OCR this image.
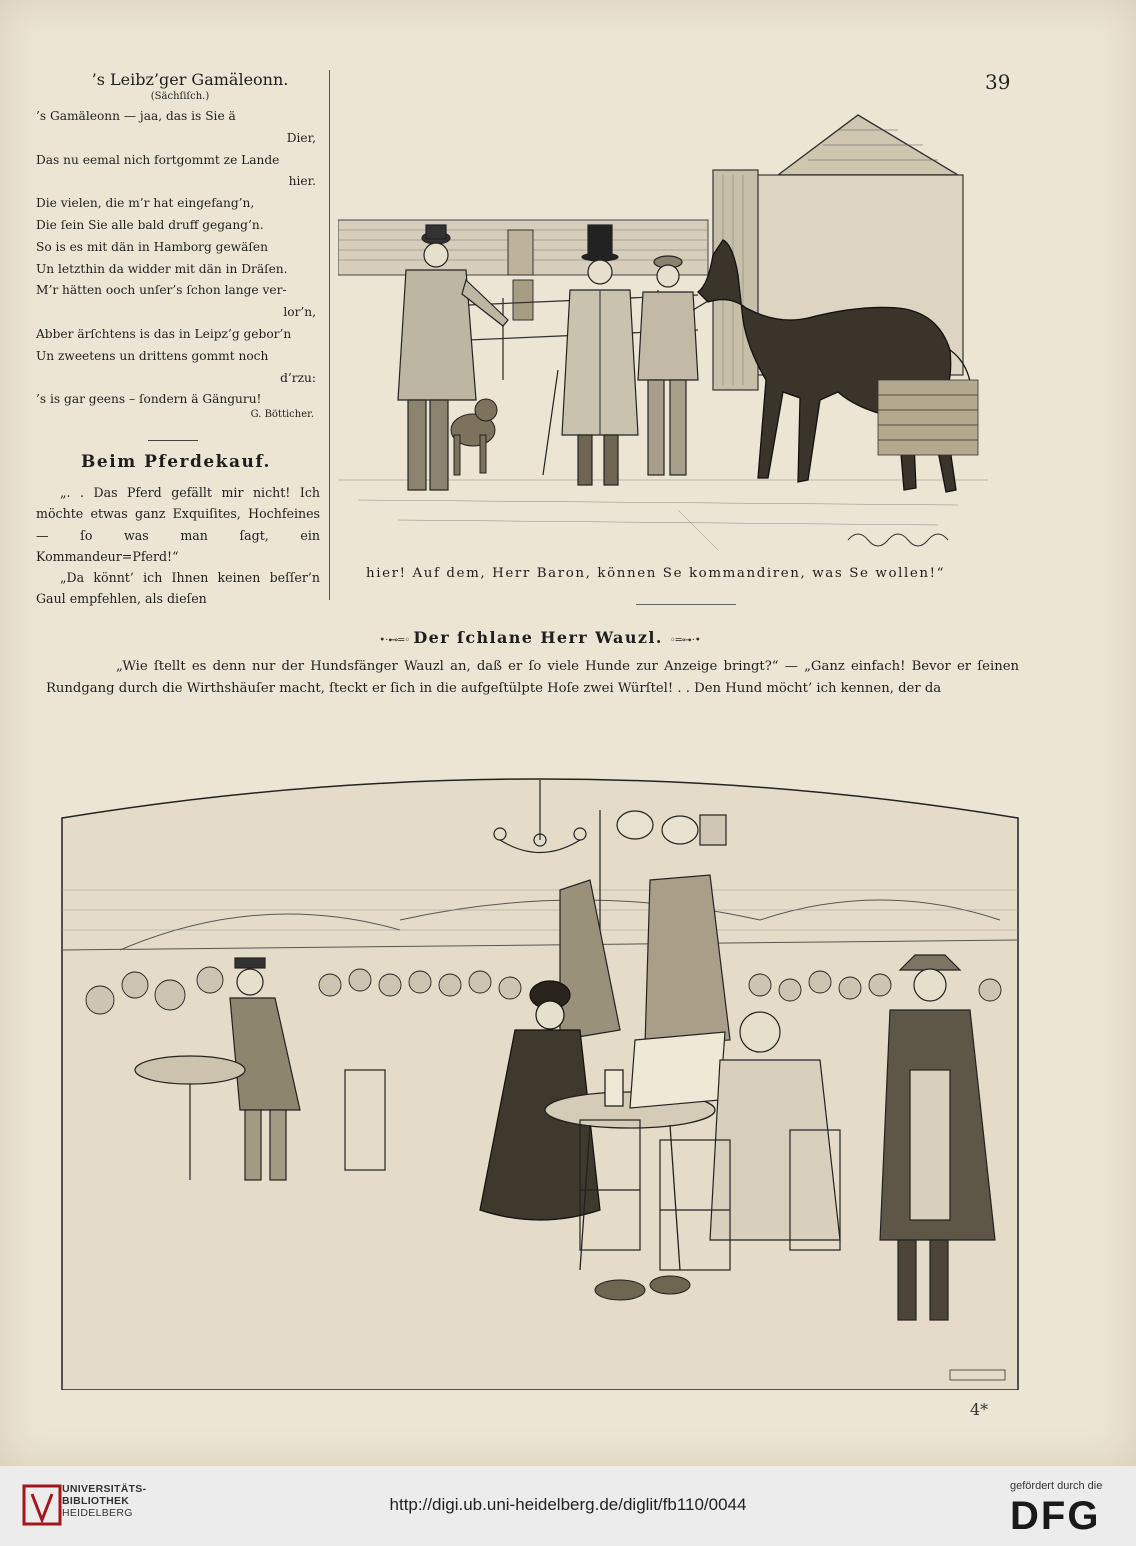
39
’s Leibz’ger Gamäleonn.
(Sächſiſch.)
’s Gamäleonn — jaa, das is Sie ä
Dier,
Das nu eemal nich fortgommt ze Lande
hier.
Die vielen, die m’r hat eingefang’n,
Die ſein Sie alle bald druff gegang’n.
So is es mit dän in Hamborg gewäſen
Un letzthin da widder mit dän in Dräſen.
M’r hätten ooch unſer’s ſchon lange ver-
lor’n,
Abber ärſchtens is das in Leipz’g gebor’n
Un zweetens un drittens gommt noch
d’rzu:
’s is gar geens – ſondern ä Gänguru!
G. Bötticher.
Beim Pferdekauf.

„. . Das Pferd gefällt mir nicht! Ich möchte etwas ganz Exquiſites, Hochfeines — ſo was man ſagt, ein Kommandeur=Pferd!“

„Da könnt’ ich Ihnen keinen beſſer’n Gaul empfehlen, als dieſen

hier! Auf dem, Herr Baron, können Se kommandiren, was Se wollen!“
•·⊷═◦ Der ſchlane Herr Wauzl. ◦═⊶·•

„Wie ſtellt es denn nur der Hundsfänger Wauzl an, daß er ſo viele Hunde zur Anzeige bringt?“ — „Ganz einfach! Bevor er ſeinen Rundgang durch die Wirthshäuſer macht, ſteckt er ſich in die aufgeſtülpte Hoſe zwei Würſtel! . . Den Hund möcht’ ich kennen, der da

4*
UNIVERSITÄTS-
BIBLIOTHEK
HEIDELBERG	http://digi.ub.uni-heidelberg.de/diglit/fb110/0044
gefördert durch die
DFG
